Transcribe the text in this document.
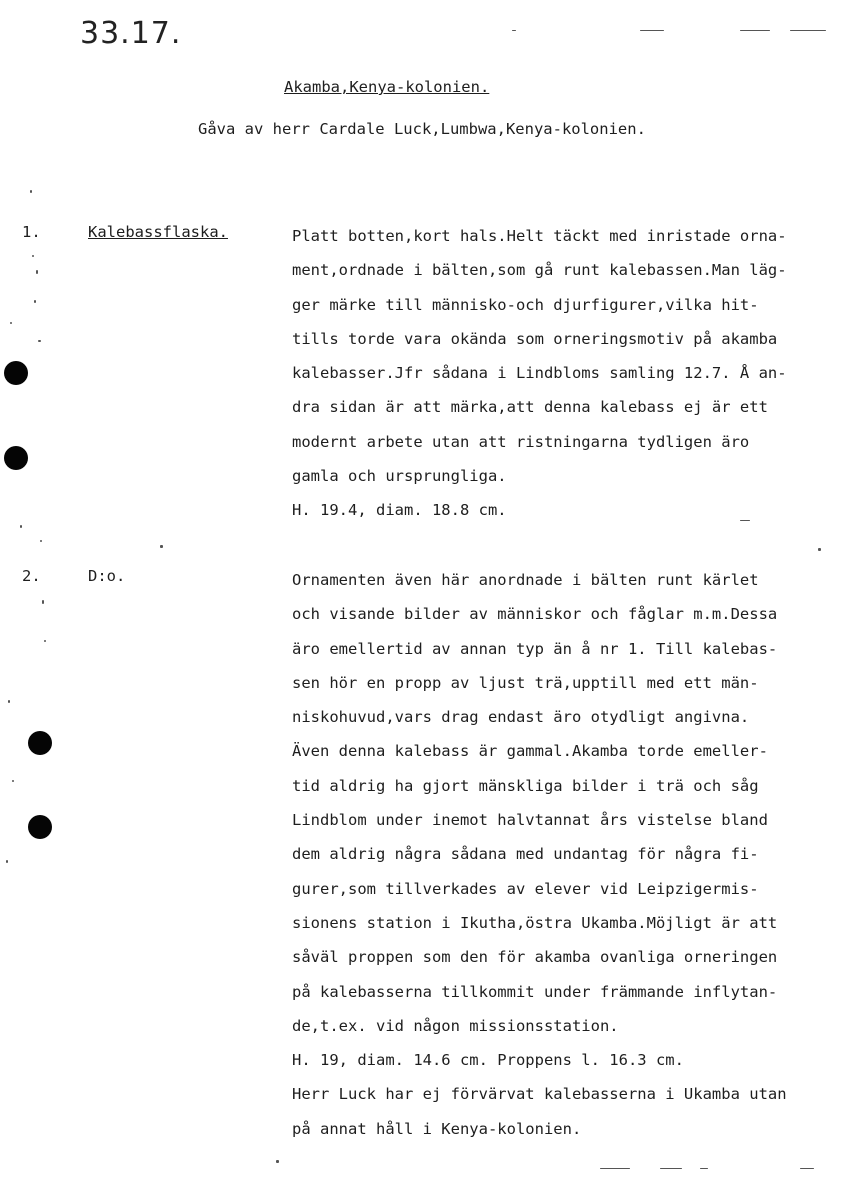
33.17.
Akamba,Kenya-kolonien.
Gåva av herr Cardale Luck,Lumbwa,Kenya-kolonien.
1.	Kalebassflaska.	Platt botten,kort hals.Helt täckt med inristade orna-
ment,ordnade i bälten,som gå runt kalebassen.Man läg-
ger märke till människo-och djurfigurer,vilka hit-
tills torde vara okända som orneringsmotiv på akamba
kalebasser.Jfr sådana i Lindbloms samling 12.7. Å an-
dra sidan är att märka,att denna kalebass ej är ett
modernt arbete utan att ristningarna tydligen äro
gamla och ursprungliga.
H. 19.4, diam. 18.8 cm.
2.	D:o.	Ornamenten även här anordnade i bälten runt kärlet
och visande bilder av människor och fåglar m.m.Dessa
äro emellertid av annan typ än å nr 1. Till kalebas-
sen hör en propp av ljust trä,upptill med ett män-
niskohuvud,vars drag endast äro otydligt angivna.
Även denna kalebass är gammal.Akamba torde emeller-
tid aldrig ha gjort mänskliga bilder i trä och såg
Lindblom under inemot halvtannat års vistelse bland
dem aldrig några sådana med undantag för några fi-
gurer,som tillverkades av elever vid Leipzigermis-
sionens station i Ikutha,östra Ukamba.Möjligt är att
såväl proppen som den för akamba ovanliga orneringen
på kalebasserna tillkommit under främmande inflytan-
de,t.ex. vid någon missionsstation.
H. 19, diam. 14.6 cm. Proppens l. 16.3 cm.
Herr Luck har ej förvärvat kalebasserna i Ukamba utan
på annat håll i Kenya-kolonien.
